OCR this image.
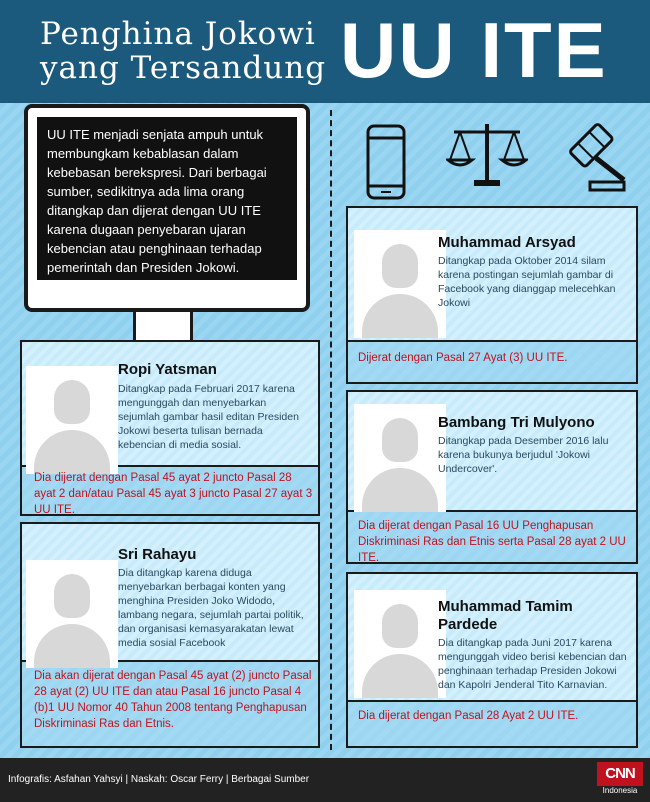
Penghina Jokowi
yang Tersandung UU ITE
UU ITE menjadi senjata ampuh untuk membungkam kebablasan dalam kebebasan berekspresi. Dari berbagai sumber, sedikitnya ada lima orang ditangkap dan dijerat dengan UU ITE karena dugaan penyebaran ujaran kebencian atau penghinaan terhadap pemerintah dan Presiden Jokowi.
Ropi Yatsman
Ditangkap pada Februari 2017 karena mengunggah dan menyebarkan sejumlah gambar hasil editan Presiden Jokowi beserta tulisan bernada kebencian di media sosial.
Dia dijerat dengan Pasal 45 ayat 2 juncto Pasal 28 ayat 2 dan/atau Pasal 45 ayat 3 juncto Pasal 27 ayat 3 UU ITE.
Sri Rahayu
Dia ditangkap karena diduga menyebarkan berbagai konten yang menghina Presiden Joko Widodo, lambang negara, sejumlah partai politik, dan organisasi kemasyarakatan lewat media sosial Facebook
Dia akan dijerat dengan Pasal 45 ayat (2) juncto Pasal 28 ayat (2) UU ITE dan atau Pasal 16 juncto Pasal 4 (b)1 UU Nomor 40 Tahun 2008 tentang Penghapusan Diskriminasi Ras dan Etnis.
Muhammad Arsyad
Ditangkap pada Oktober 2014 silam karena postingan sejumlah gambar di Facebook yang dianggap melecehkan Jokowi
Dijerat dengan Pasal 27 Ayat (3) UU ITE.
Bambang Tri Mulyono
Ditangkap pada Desember 2016 lalu karena bukunya berjudul 'Jokowi Undercover'.
Dia dijerat dengan Pasal 16 UU Penghapusan Diskriminasi Ras dan Etnis serta Pasal 28 ayat 2 UU ITE.
Muhammad Tamim Pardede
Dia ditangkap pada Juni 2017 karena mengunggah video berisi kebencian dan penghinaan terhadap Presiden Jokowi dan Kapolri Jenderal Tito Karnavian.
Dia dijerat dengan Pasal 28 Ayat 2 UU ITE.
Infografis: Asfahan Yahsyi | Naskah: Oscar Ferry | Berbagai Sumber	CNN
Indonesia
